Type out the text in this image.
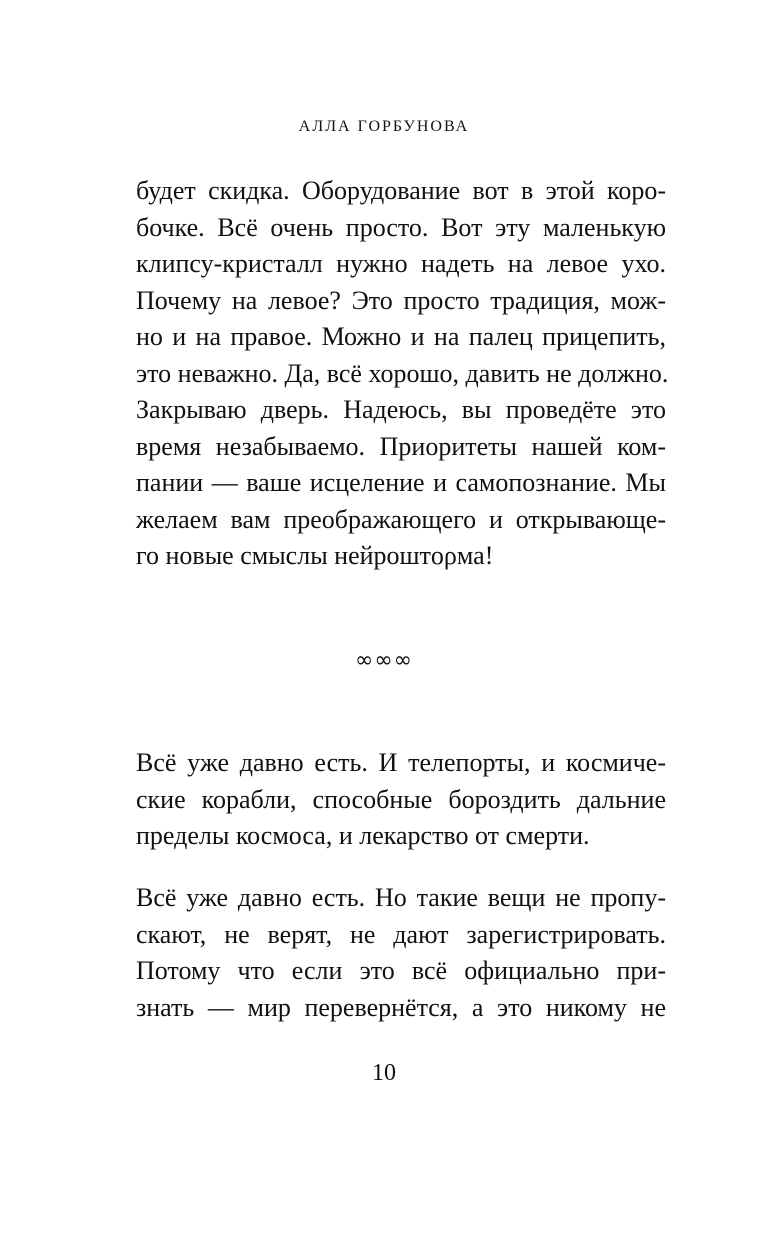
АЛЛА ГОРБУНОВА
будет скидка. Оборудование вот в этой коро-
бочке. Всё очень просто. Вот эту маленькую
клипсу-кристалл нужно надеть на левое ухо.
Почему на левое? Это просто традиция, мож-
но и на правое. Можно и на палец прицепить,
это неважно. Да, всё хорошо, давить не должно.
Закрываю дверь. Надеюсь, вы проведёте это
время незабываемо. Приоритеты нашей ком-
пании — ваше исцеление и самопознание. Мы
желаем вам преображающего и открывающе-
го новые смыслы нейроштορма!
∞∞∞
Всё уже давно есть. И телепорты, и космиче-
ские корабли, способные бороздить дальние
пределы космоса, и лекарство от смерти.
Всё уже давно есть. Но такие вещи не пропу-
скают, не верят, не дают зарегистрировать.
Потому что если это всё официально при-
знать — мир перевернётся, а это никому не
10
